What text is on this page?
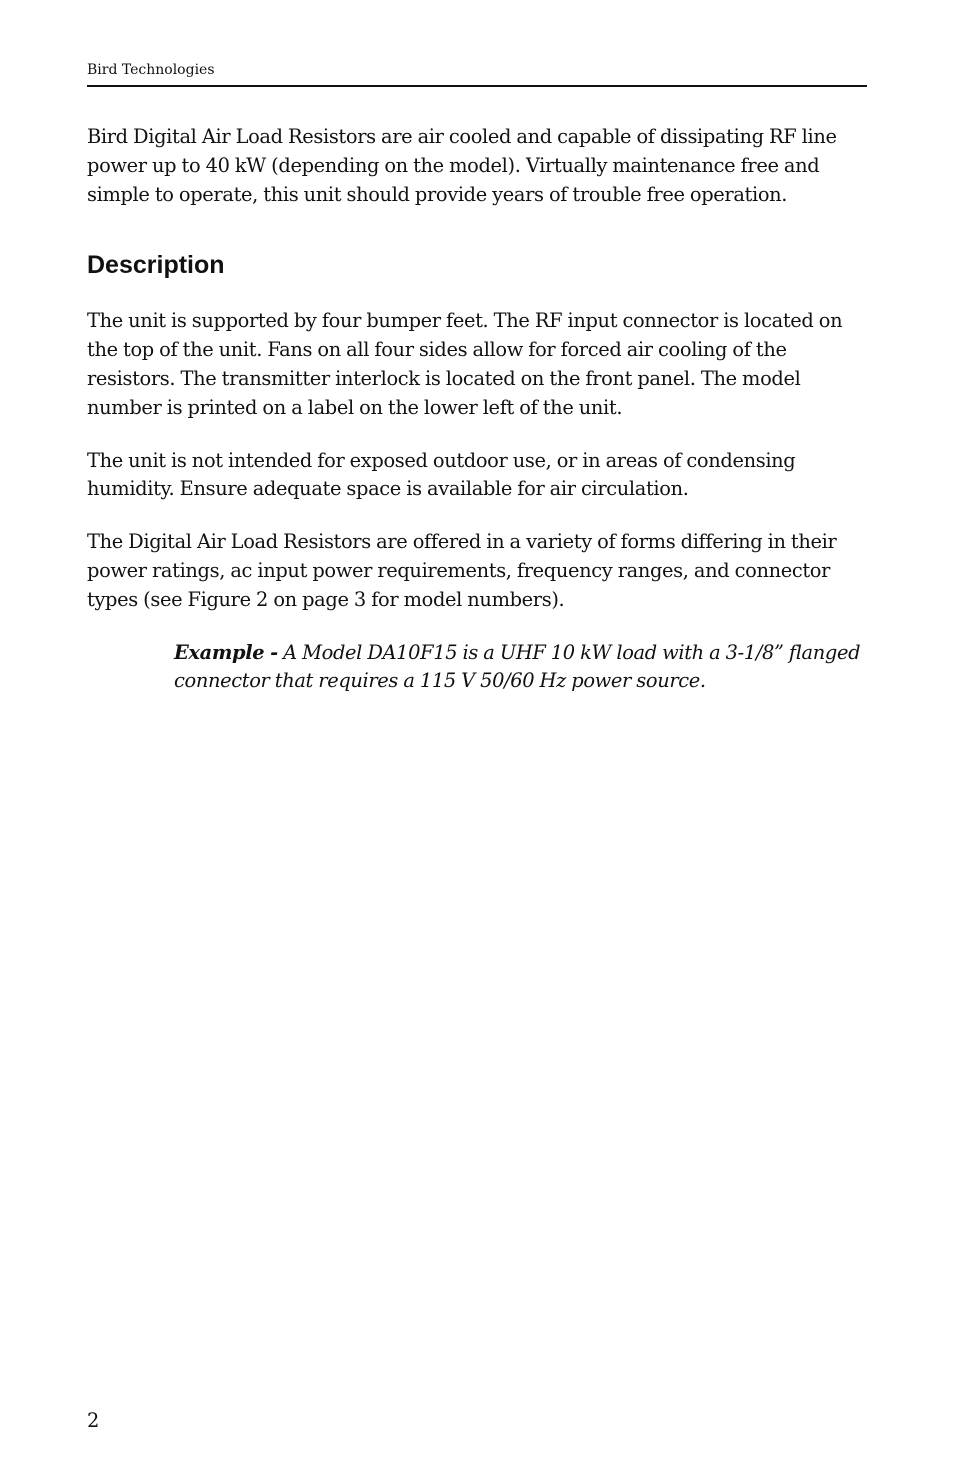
Bird Technologies

Bird Digital Air Load Resistors are air cooled and capable of dissipating RF line power up to 40 kW (depending on the model). Virtually maintenance free and simple to operate, this unit should provide years of trouble free operation.

Description

The unit is supported by four bumper feet. The RF input connector is located on the top of the unit. Fans on all four sides allow for forced air cooling of the resistors. The transmitter interlock is located on the front panel. The model number is printed on a label on the lower left of the unit.

The unit is not intended for exposed outdoor use, or in areas of condensing humidity. Ensure adequate space is available for air circulation.

The Digital Air Load Resistors are offered in a variety of forms differing in their power ratings, ac input power requirements, frequency ranges, and connector types (see Figure 2 on page 3 for model numbers).

Example - A Model DA10F15 is a UHF 10 kW load with a 3-1/8” flanged connector that requires a 115 V 50/60 Hz power source.

2
